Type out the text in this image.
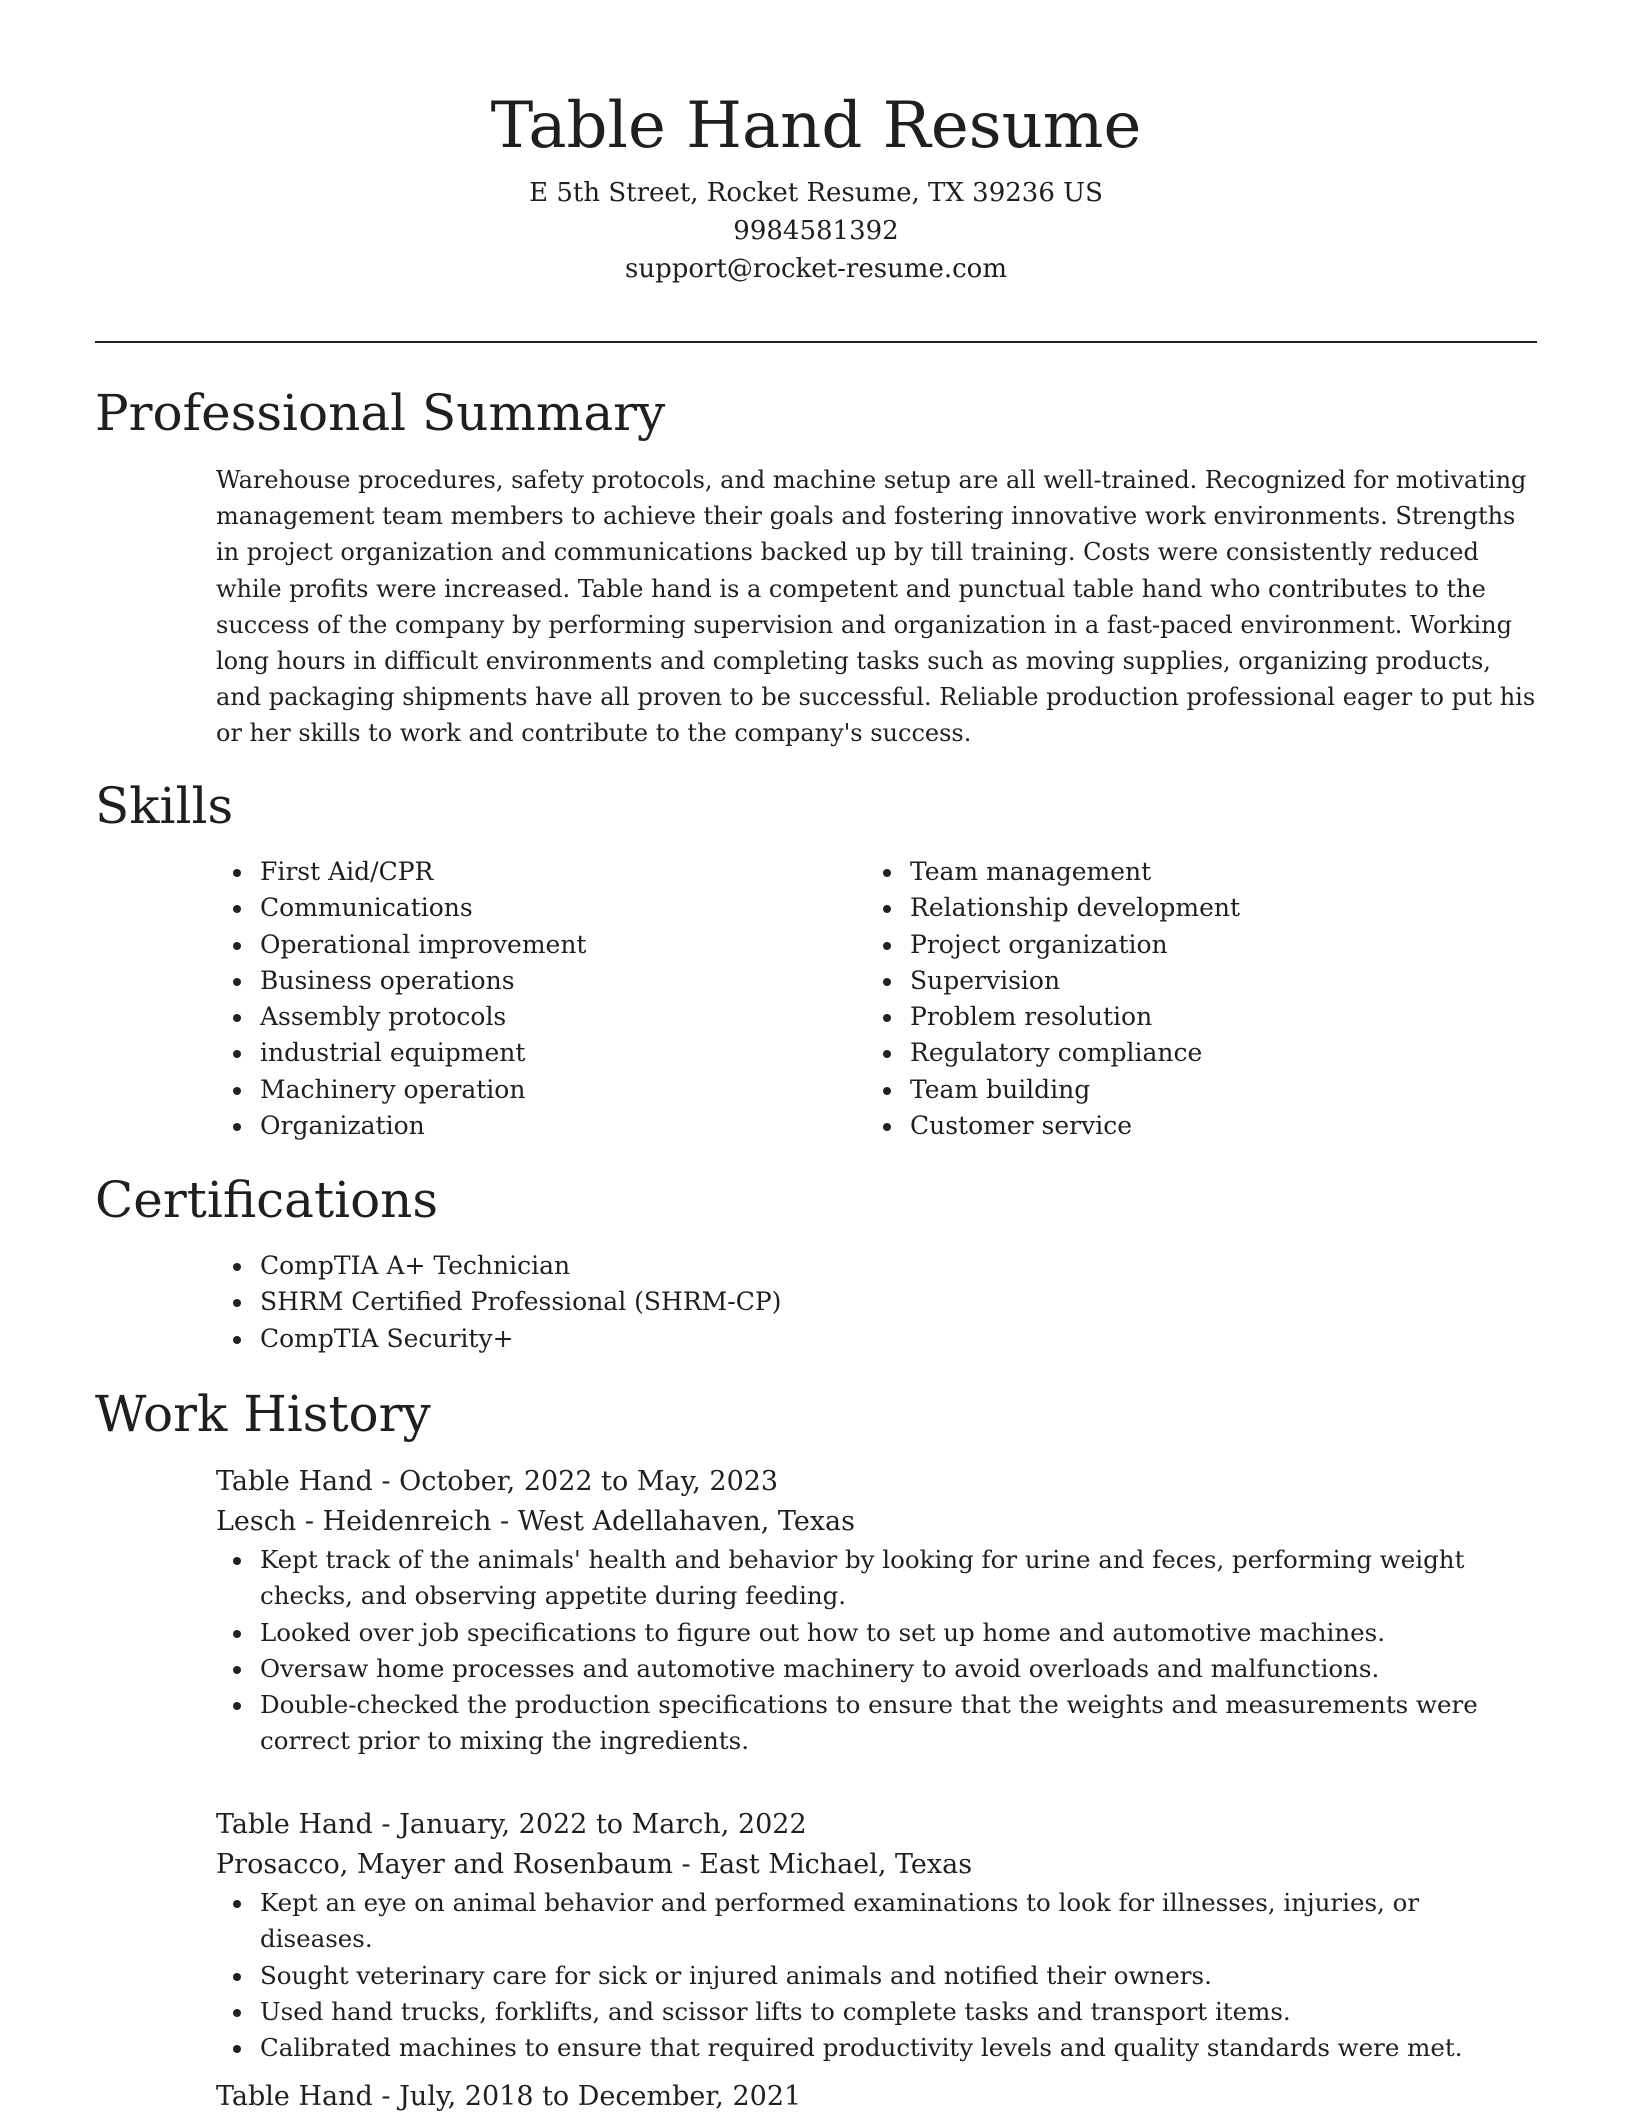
Table Hand Resume
E 5th Street, Rocket Resume, TX 39236 US
9984581392
support@rocket-resume.com
Professional Summary

Warehouse procedures, safety protocols, and machine setup are all well-trained. Recognized for motivating management team members to achieve their goals and fostering innovative work environments. Strengths in project organization and communications backed up by till training. Costs were consistently reduced while profits were increased. Table hand is a competent and punctual table hand who contributes to the success of the company by performing supervision and organization in a fast-paced environment. Working long hours in difficult environments and completing tasks such as moving supplies, organizing products, and packaging shipments have all proven to be successful. Reliable production professional eager to put his or her skills to work and contribute to the company's success.

Skills
First Aid/CPR
Communications
Operational improvement
Business operations
Assembly protocols
industrial equipment
Machinery operation
Organization
Team management
Relationship development
Project organization
Supervision
Problem resolution
Regulatory compliance
Team building
Customer service
Certifications
CompTIA A+ Technician
SHRM Certified Professional (SHRM-CP)
CompTIA Security+
Work History
Table Hand - October, 2022 to May, 2023
Lesch - Heidenreich - West Adellahaven, Texas
Kept track of the animals' health and behavior by looking for urine and feces, performing weight checks, and observing appetite during feeding.
Looked over job specifications to figure out how to set up home and automotive machines.
Oversaw home processes and automotive machinery to avoid overloads and malfunctions.
Double-checked the production specifications to ensure that the weights and measurements were correct prior to mixing the ingredients.
Table Hand - January, 2022 to March, 2022
Prosacco, Mayer and Rosenbaum - East Michael, Texas
Kept an eye on animal behavior and performed examinations to look for illnesses, injuries, or diseases.
Sought veterinary care for sick or injured animals and notified their owners.
Used hand trucks, forklifts, and scissor lifts to complete tasks and transport items.
Calibrated machines to ensure that required productivity levels and quality standards were met.
Table Hand - July, 2018 to December, 2021
